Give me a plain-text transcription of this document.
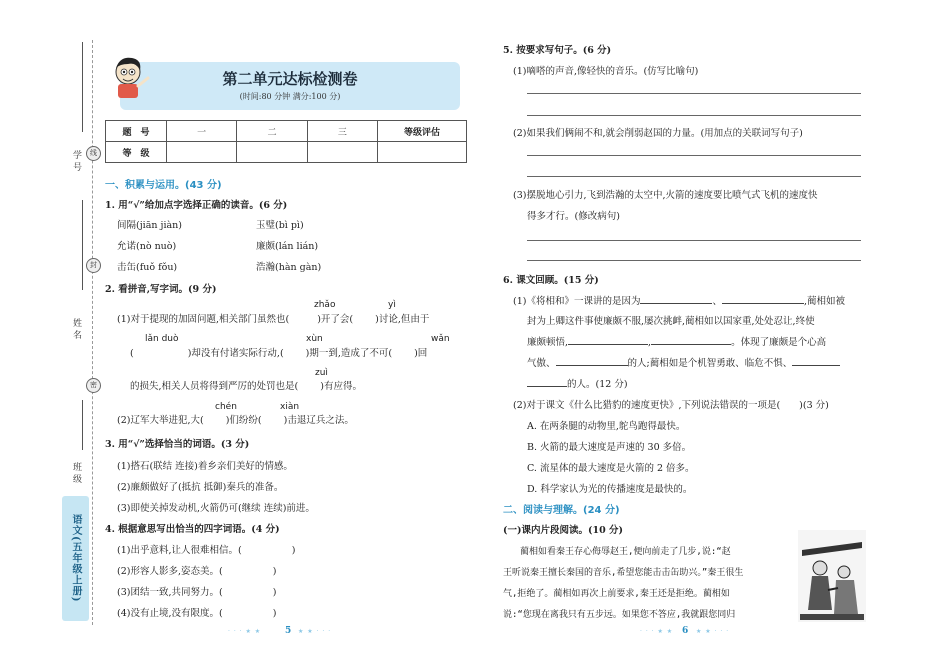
学 号	线
姓 名
封
密
班 级
语文(五年级上册)
第二单元达标检测卷
(时间:80 分钟 满分:100 分)
题　号	一	二	三	等级评估
等　级				
一、积累与运用。(43 分)
1. 用“√”给加点字选择正确的读音。(6 分)
间隔(jiān jiàn)	玉璧(bì pì)
允诺(nò nuò)	廉颇(lán lián)
击缶(fuǒ fǒu)	浩瀚(hàn gàn)
2. 看拼音,写字词。(9 分)
zhǎo	yì
(1)对于提现的加固问题,相关部门虽然也(	)开了会( )讨论,但由于
lǎn duò	xùn	wǎn
(	)却没有付诸实际行动,( )期一到,造成了不可( )回
zuì
的损失,相关人员将得到严厉的处罚也是( )有应得。
chén	xiàn
(2)辽军大举进犯,大( )们纷纷( )击退辽兵之法。
3. 用“√”选择恰当的词语。(3 分)
(1)搭石(联结 连接)着乡亲们美好的情感。
(2)廉颇做好了(抵抗 抵御)秦兵的准备。
(3)即使关掉发动机,火箭仍可(继续 连续)前进。
4. 根据意思写出恰当的四字词语。(4 分)
(1)出乎意料,让人很难相信。(	)
(2)形容人影多,姿态美。(	)
(3)团结一致,共同努力。(	)
(4)没有止境,没有限度。(	)
· · · ★ ★	5 ★ ★ · · ·
5. 按要求写句子。(6 分)
(1)嘀嗒的声音,像轻快的音乐。(仿写比喻句)
(2)如果我们俩闹不和,就会削弱赵国的力量。(用加点的关联词写句子)
(3)摆脱地心引力,飞到浩瀚的太空中,火箭的速度要比喷气式飞机的速度快
得多才行。(修改病句)
6. 课文回顾。(15 分)
(1)《将相和》一课讲的是因为	、	,蔺相如被
封为上卿这件事使廉颇不服,屡次挑衅,蔺相如以国家重,处处忍让,终使
廉颇顿悟,	,	。体现了廉颇是个心高
气傲、	的人;蔺相如是个机智勇敢、临危不惧、
的人。(12 分)
(2)对于课文《什么比猎豹的速度更快》,下列说法错误的一项是(　　)(3 分)
A. 在两条腿的动物里,鸵鸟跑得最快。
B. 火箭的最大速度是声速的 30 多倍。
C. 流星体的最大速度是火箭的 2 倍多。
D. 科学家认为光的传播速度是最快的。
二、阅读与理解。(24 分)
(一)课内片段阅读。(10 分)
蔺相如看秦王存心侮辱赵王,便向前走了几步,说:“赵
王听说秦王擅长秦国的音乐,希望您能击击缶助兴。”秦王很生
气,拒绝了。蔺相如再次上前要求,秦王还是拒绝。蔺相如
说:“您现在离我只有五步远。如果您不答应,我就跟您同归
· · · ★ ★ 6 ★ ★ · · ·
